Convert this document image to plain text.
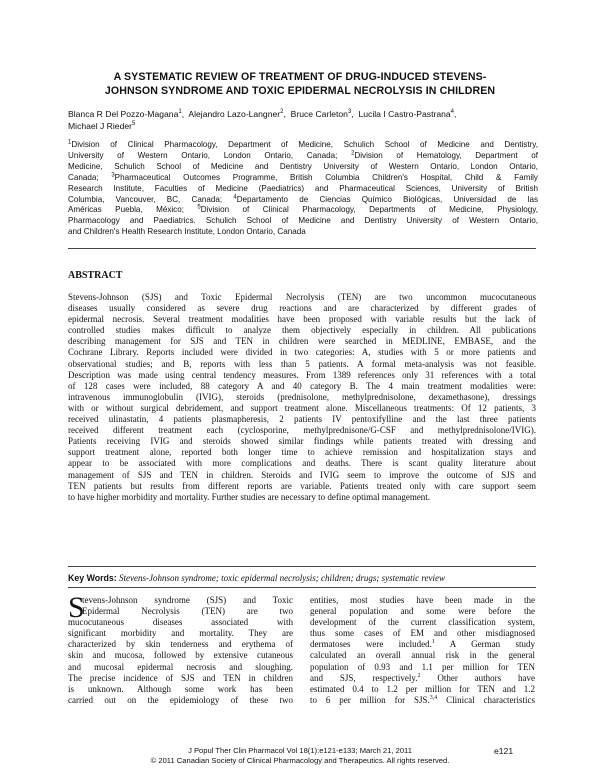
A SYSTEMATIC REVIEW OF TREATMENT OF DRUG-INDUCED STEVENS-
JOHNSON SYNDROME AND TOXIC EPIDERMAL NECROLYSIS IN CHILDREN
Blanca R Del Pozzo-Magana$^1$,  Alejandro Lazo-Langner$^2$,  Bruce Carleton$^3$,  Lucila I Castro-Pastrana$^4$,
Michael J Rieder$^5$
$^1$Division of Clinical Pharmacology, Department of Medicine, Schulich School of Medicine and Dentistry,
University of Western Ontario, London Ontario, Canada; $^2$Division of Hematology, Department of
Medicine, Schulich School of Medicine and Dentistry University of Western Ontario, London Ontario,
Canada; $^3$Pharmaceutical Outcomes Programme, British Columbia Children's Hospital, Child & Family
Research Institute, Faculties of Medicine (Paediatrics) and Pharmaceutical Sciences, University of British
Columbia, Vancouver, BC, Canada; $^4$Departamento de Ciencias Químico Biológicas, Universidad de las
Américas Puebla, México; $^5$Division of Clinical Pharmacology, Departments of Medicine, Physiology,
Pharmacology and Paediatrics. Schulich School of Medicine and Dentistry University of Western Ontario,
and Children's Health Research Institute, London Ontario, Canada
ABSTRACT
Stevens-Johnson (SJS) and Toxic Epidermal Necrolysis (TEN) are two uncommon mucocutaneous
diseases usually considered as severe drug reactions and are characterized by different grades of
epidermal necrosis. Several treatment modalities have been proposed with variable results but the lack of
controlled studies makes difficult to analyze them objectively especially in children. All publications
describing management for SJS and TEN in children were searched in MEDLINE, EMBASE, and the
Cochrane Library. Reports included were divided in two categories: A, studies with 5 or more patients and
observational studies; and B, reports with less than 5 patients. A formal meta-analysis was not feasible.
Description was made using central tendency measures. From 1389 references only 31 references with a total
of 128 cases were included, 88 category A and 40 category B. The 4 main treatment modalities were:
intravenous immunoglobulin (IVIG), steroids (prednisolone, methylprednisolone, dexamethasone), dressings
with or without surgical debridement, and support treatment alone. Miscellaneous treatments: Of 12 patients, 3
received ulinastatin, 4 patients plasmapheresis, 2 patients IV pentoxifylline and the last three patients
received different treatment each (cyclosporine, methylprednisone/G-CSF and methylprednisolone/IVIG).
Patients receiving IVIG and steroids showed similar findings while patients treated with dressing and
support treatment alone, reported both longer time to achieve remission and hospitalization stays and
appear to be associated with more complications and deaths. There is scant quality literature about
management of SJS and TEN in children. Steroids and IVIG seem to improve the outcome of SJS and
TEN patients but results from different reports are variable. Patients treated only with care support seem
to have higher morbidity and mortality. Further studies are necessary to define optimal management.
Key Words: Stevens-Johnson syndrome; toxic epidermal necrolysis; children; drugs; systematic review
S
tevens-Johnson syndrome (SJS) and Toxic
Epidermal Necrolysis (TEN) are two
mucocutaneous diseases associated with
significant morbidity and mortality. They are
characterized by skin tenderness and erythema of
skin and mucosa, followed by extensive cutaneous
and mucosal epidermal necrosis and sloughing.
The precise incidence of SJS and TEN in children
is unknown. Although some work has been
carried out on the epidemiology of these two
entities, most studies have been made in the
general population and some were before the
development of the current classification system,
thus some cases of EM and other misdiagnosed
dermatoses were included.$^1$ A German study
calculated an overall annual risk in the general
population of 0.93 and 1.1 per million for TEN
and SJS, respectively.$^2$ Other authors have
estimated 0.4 to 1.2 per million for TEN and 1.2
to 6 per million for SJS.$^{3,4}$ Clinical characteristics
J Popul Ther Clin Pharmacol Vol 18(1):e121-e133; March 21, 2011	e121
© 2011 Canadian Society of Clinical Pharmacology and Therapeutics. All rights reserved.
